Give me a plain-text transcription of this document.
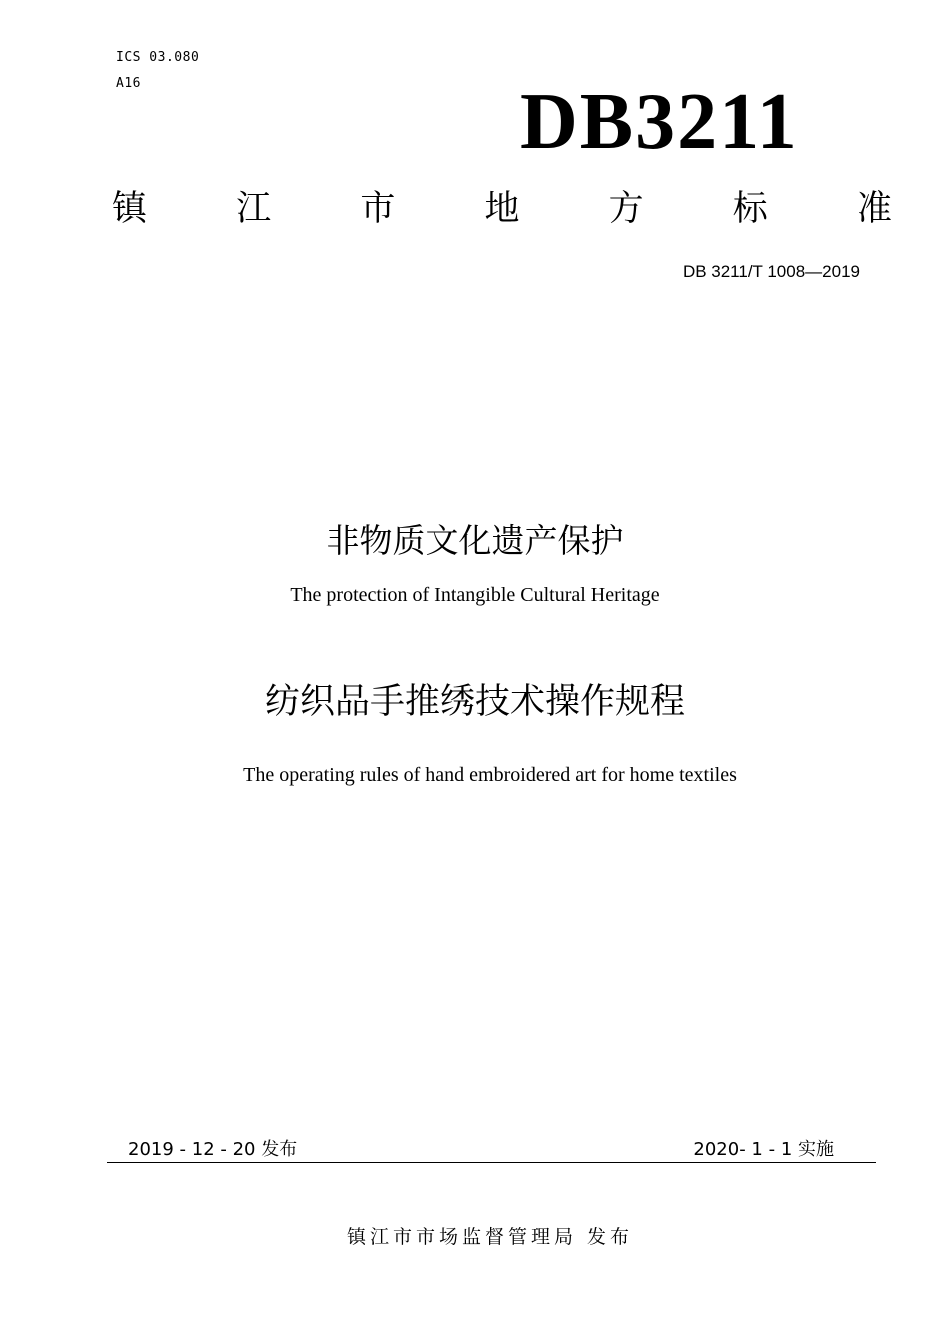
ICS 03.080
A16	DB3211
镇	江	市	地	方	标	准
DB 3211/T 1008—2019
非物质文化遗产保护
The protection of Intangible Cultural Heritage
纺织品手推绣技术操作规程
The operating rules of hand embroidered art for home textiles
2019 - 12 - 20 发布	2020- 1 - 1 实施
镇江市市场监督管理局 发布
